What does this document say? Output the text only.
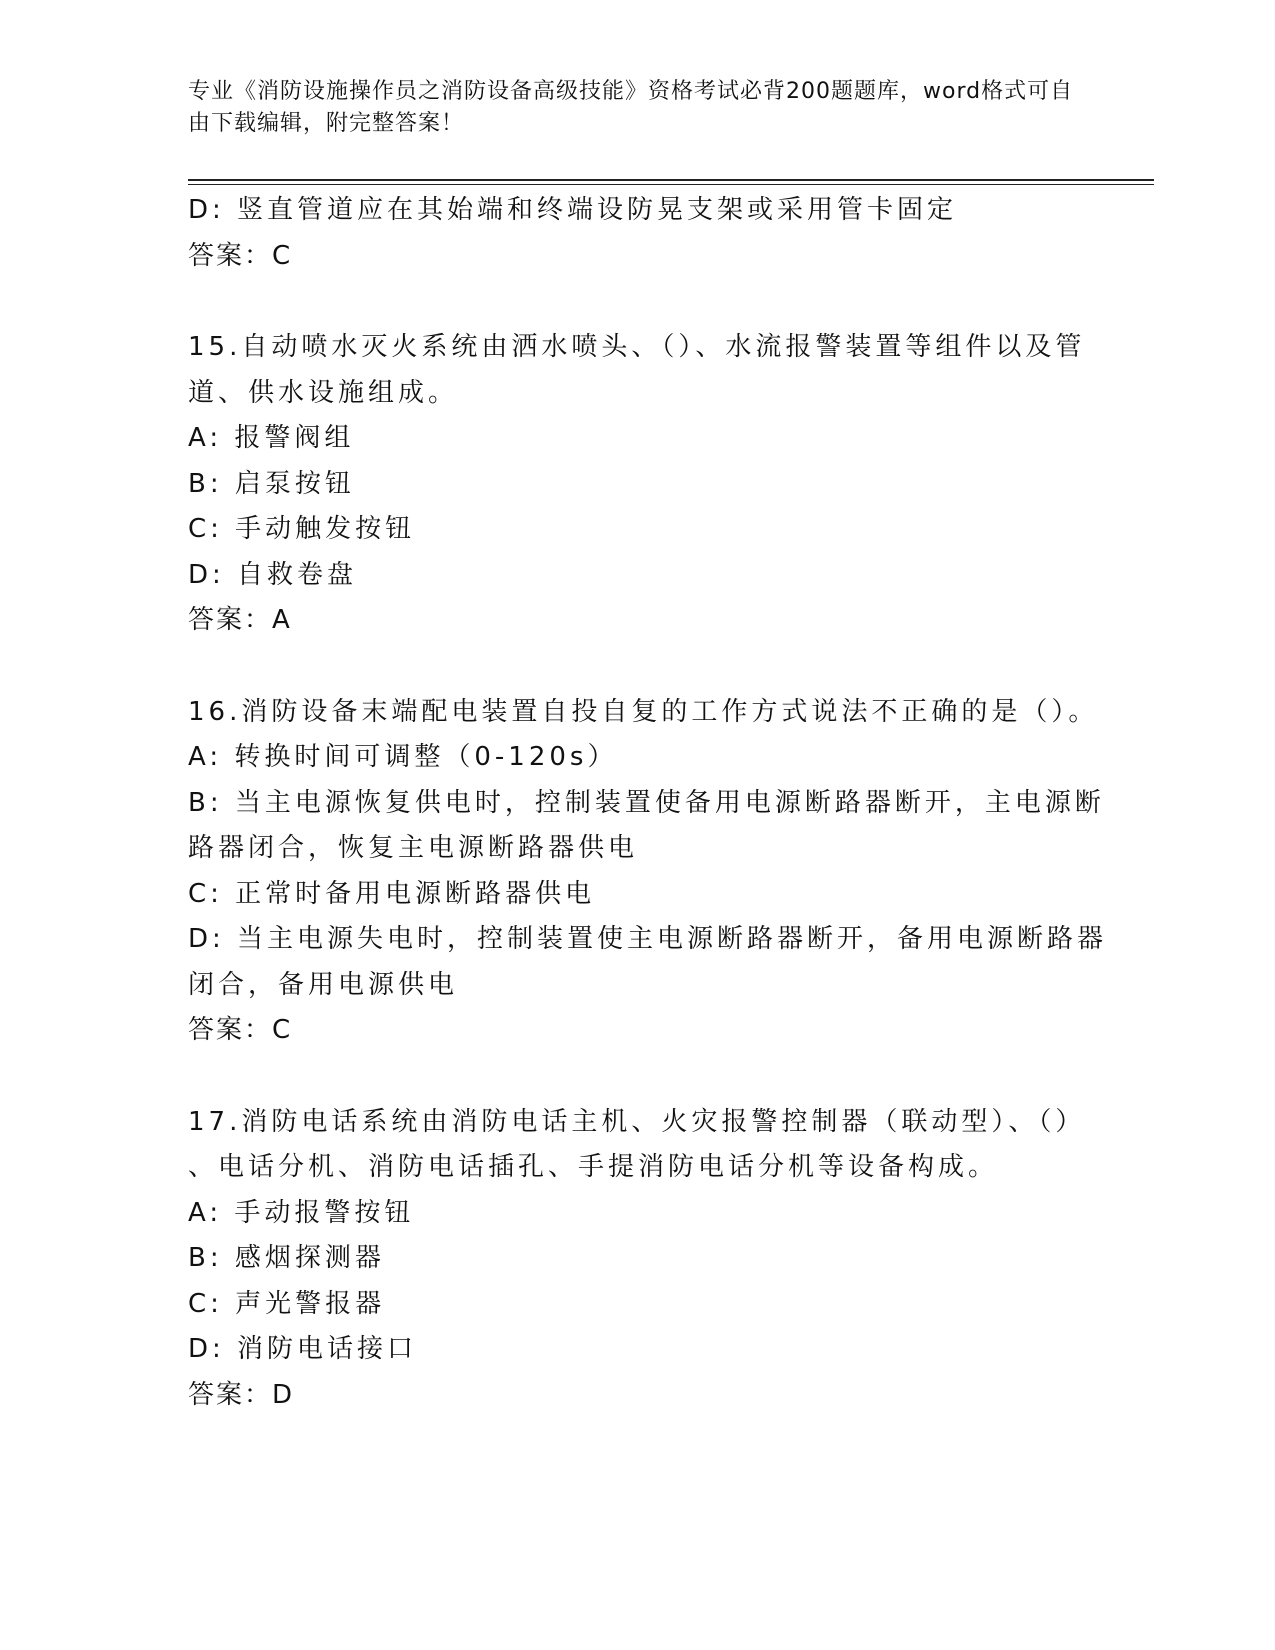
专业《消防设施操作员之消防设备高级技能》资格考试必背200题题库，word格式可自由下载编辑，附完整答案！
D: 竖直管道应在其始端和终端设防晃支架或采用管卡固定
答案：C
15.自动喷水灭火系统由洒水喷头、（）、水流报警装置等组件以及管
道、供水设施组成。
A: 报警阀组
B: 启泵按钮
C: 手动触发按钮
D: 自救卷盘
答案：A
16.消防设备末端配电装置自投自复的工作方式说法不正确的是（）。
A: 转换时间可调整（0-120s）
B: 当主电源恢复供电时，控制装置使备用电源断路器断开，主电源断
路器闭合，恢复主电源断路器供电
C: 正常时备用电源断路器供电
D: 当主电源失电时，控制装置使主电源断路器断开，备用电源断路器
闭合，备用电源供电
答案：C
17.消防电话系统由消防电话主机、火灾报警控制器（联动型）、（）
、电话分机、消防电话插孔、手提消防电话分机等设备构成。
A: 手动报警按钮
B: 感烟探测器
C: 声光警报器
D: 消防电话接口
答案：D
